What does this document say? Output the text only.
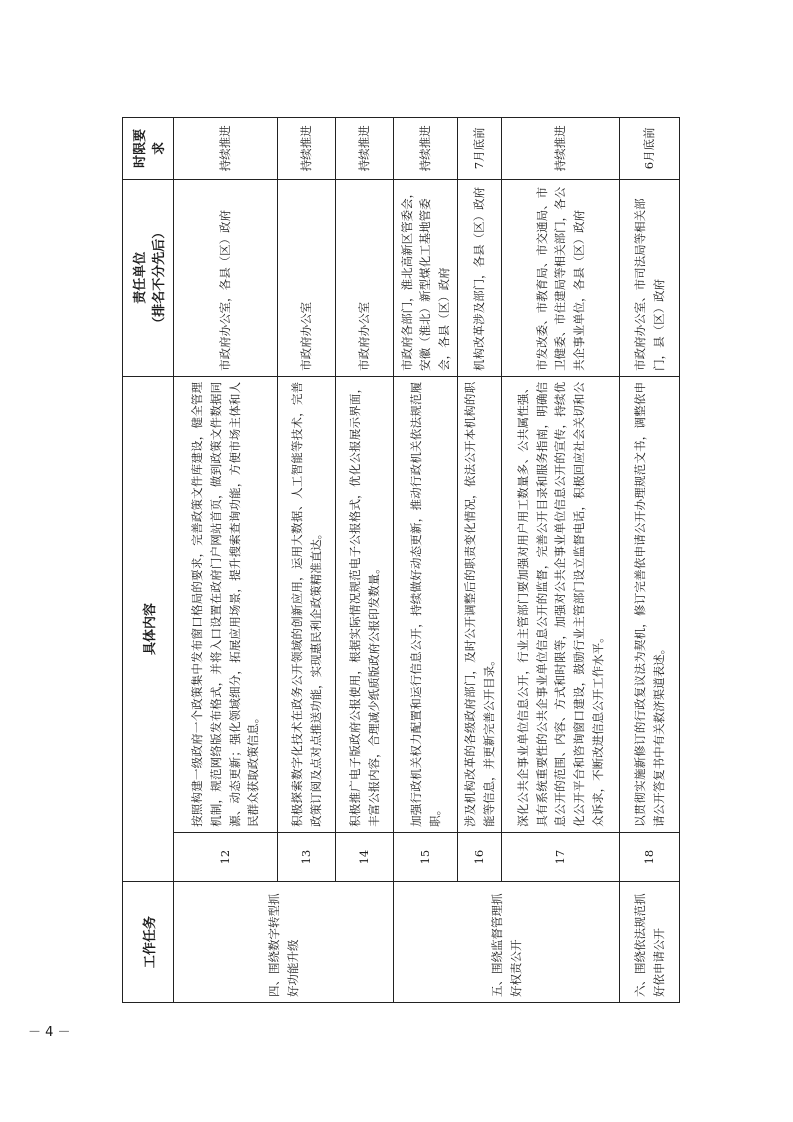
－ 4 －
工作任务	具体内容		责任单位 （排名不分先后）	时限要求
四、围绕数字转型抓好功能升级	12	按照构建一级政府一个政策集中发布窗口格局的要求，完善政策文件库建设，健全管理机制，规范网络版发布格式，并将入口设置在政府门户网站首页，做到政策文件数据同源、动态更新；强化领域细分，拓展应用场景，提升搜索查询功能，方便市场主体和人民群众获取政策信息。	市政府办公室，各县（区）政府	持续推进
	13	积极探索数字化技术在政务公开领域的创新应用，运用大数据、人工智能等技术，完善政策订阅及点对点推送功能，实现惠民利企政策精准直达。	市政府办公室	持续推进
	14	积极推广电子版政府公报使用，根据实际情况规范电子公报格式，优化公报展示界面，丰富公报内容，合理减少纸质版政府公报印发数量。	市政府办公室	持续推进
五、围绕监督管理抓好权责公开	15	加强行政机关权力配置和运行信息公开，持续做好动态更新，推动行政机关依法规范履职。	市政府各部门，淮北高新区管委会，安徽（淮北）新型煤化工基地管委会，各县（区）政府	持续推进
	16	涉及机构改革的各级政府部门，及时公开调整后的职责变化情况，依法公开本机构的职能等信息，并更新完善公开目录。	机构改革涉及部门，各县（区）政府	7月底前
	17	深化公共企事业单位信息公开，行业主管部门要加强对用户用工数量多、公共属性强、具有系统重要性的公共企事业单位信息公开的监督，完善公开目录和服务指南，明确信息公开的范围、内容、方式和时限等，加强对公共企事业单位信息公开的宣传，持续优化公开平台和咨询窗口建设，鼓励行业主管部门设立监督电话，积极回应社会关切和公众诉求，不断改进信息公开工作水平。	市发改委、市教育局、市交通局、市卫健委、市住建局等相关部门，各公共企事业单位，各县（区）政府	持续推进
六、围绕依法规范抓好依申请公开	18	以贯彻实施新修订的行政复议法为契机，修订完善依申请公开办理规范文书，调整依申请公开答复书中有关救济渠道表述。	市政府办公室、市司法局等相关部门，县（区）政府	6月底前
